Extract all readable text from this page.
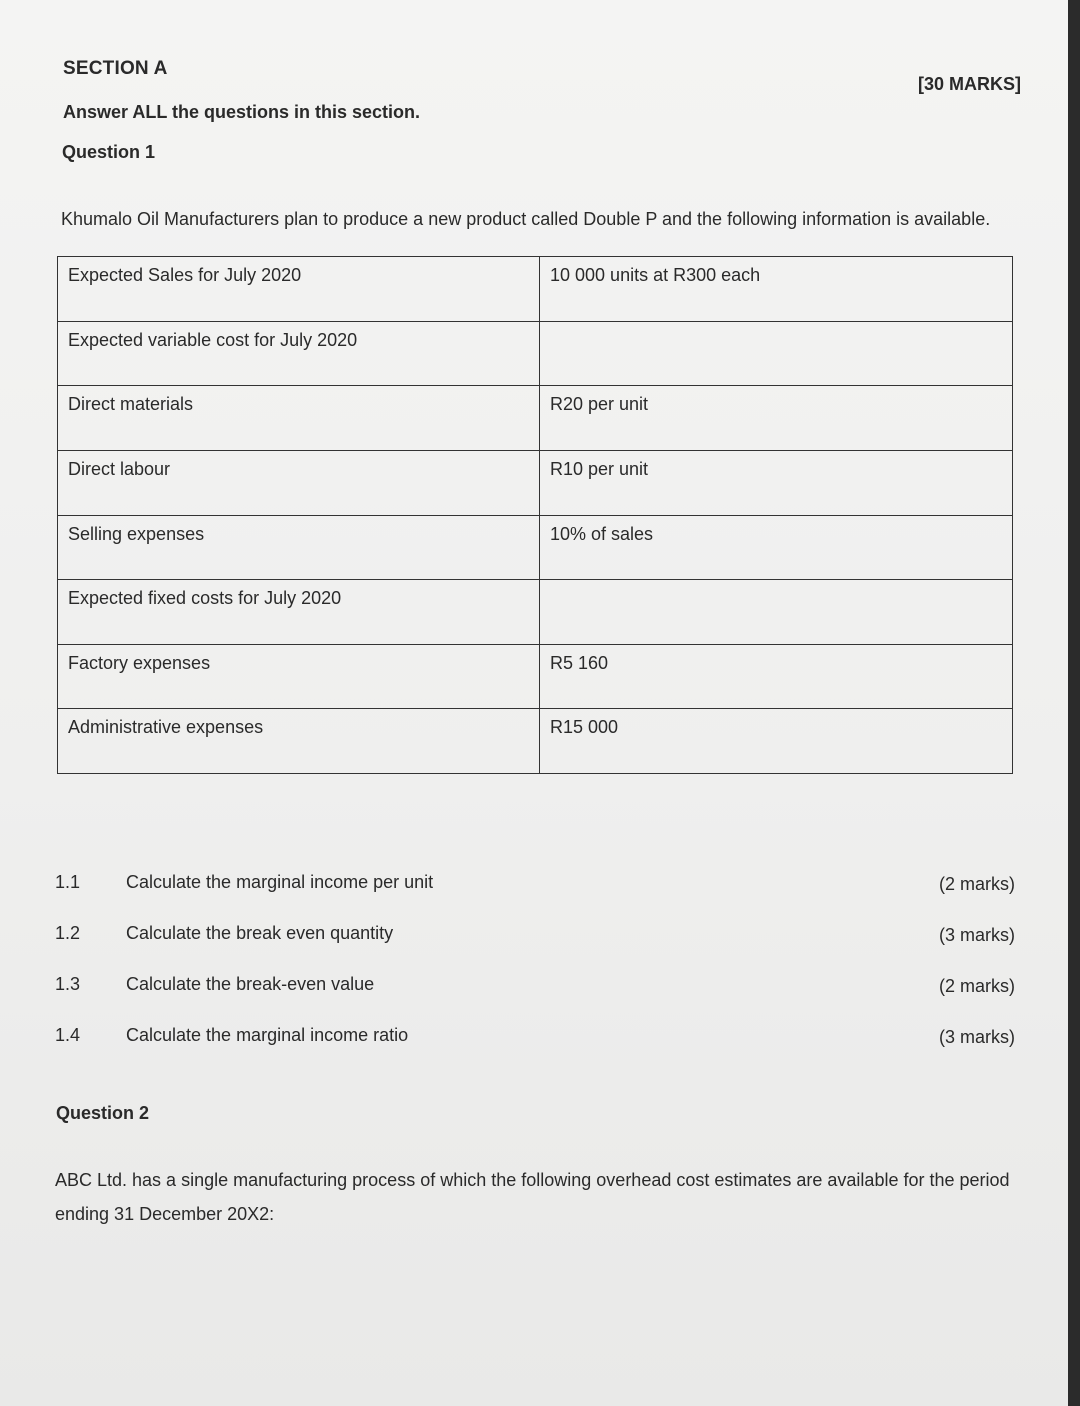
SECTION A
[30 MARKS]
Answer ALL the questions in this section.
Question 1
Khumalo Oil Manufacturers plan to produce a new product called Double P and the following information is available.
Expected Sales for July 2020	10 000 units at R300 each
Expected variable cost for July 2020	
Direct materials	R20 per unit
Direct labour	R10 per unit
Selling expenses	10% of sales
Expected fixed costs for July 2020	
Factory expenses	R5 160
Administrative expenses	R15 000
1.1	Calculate the marginal income per unit	(2 marks)
1.2	Calculate the break even quantity	(3 marks)
1.3	Calculate the break-even value	(2 marks)
1.4	Calculate the marginal income ratio	(3 marks)
Question 2
ABC Ltd. has a single manufacturing process of which the following overhead cost estimates are available for the period ending 31 December 20X2:
